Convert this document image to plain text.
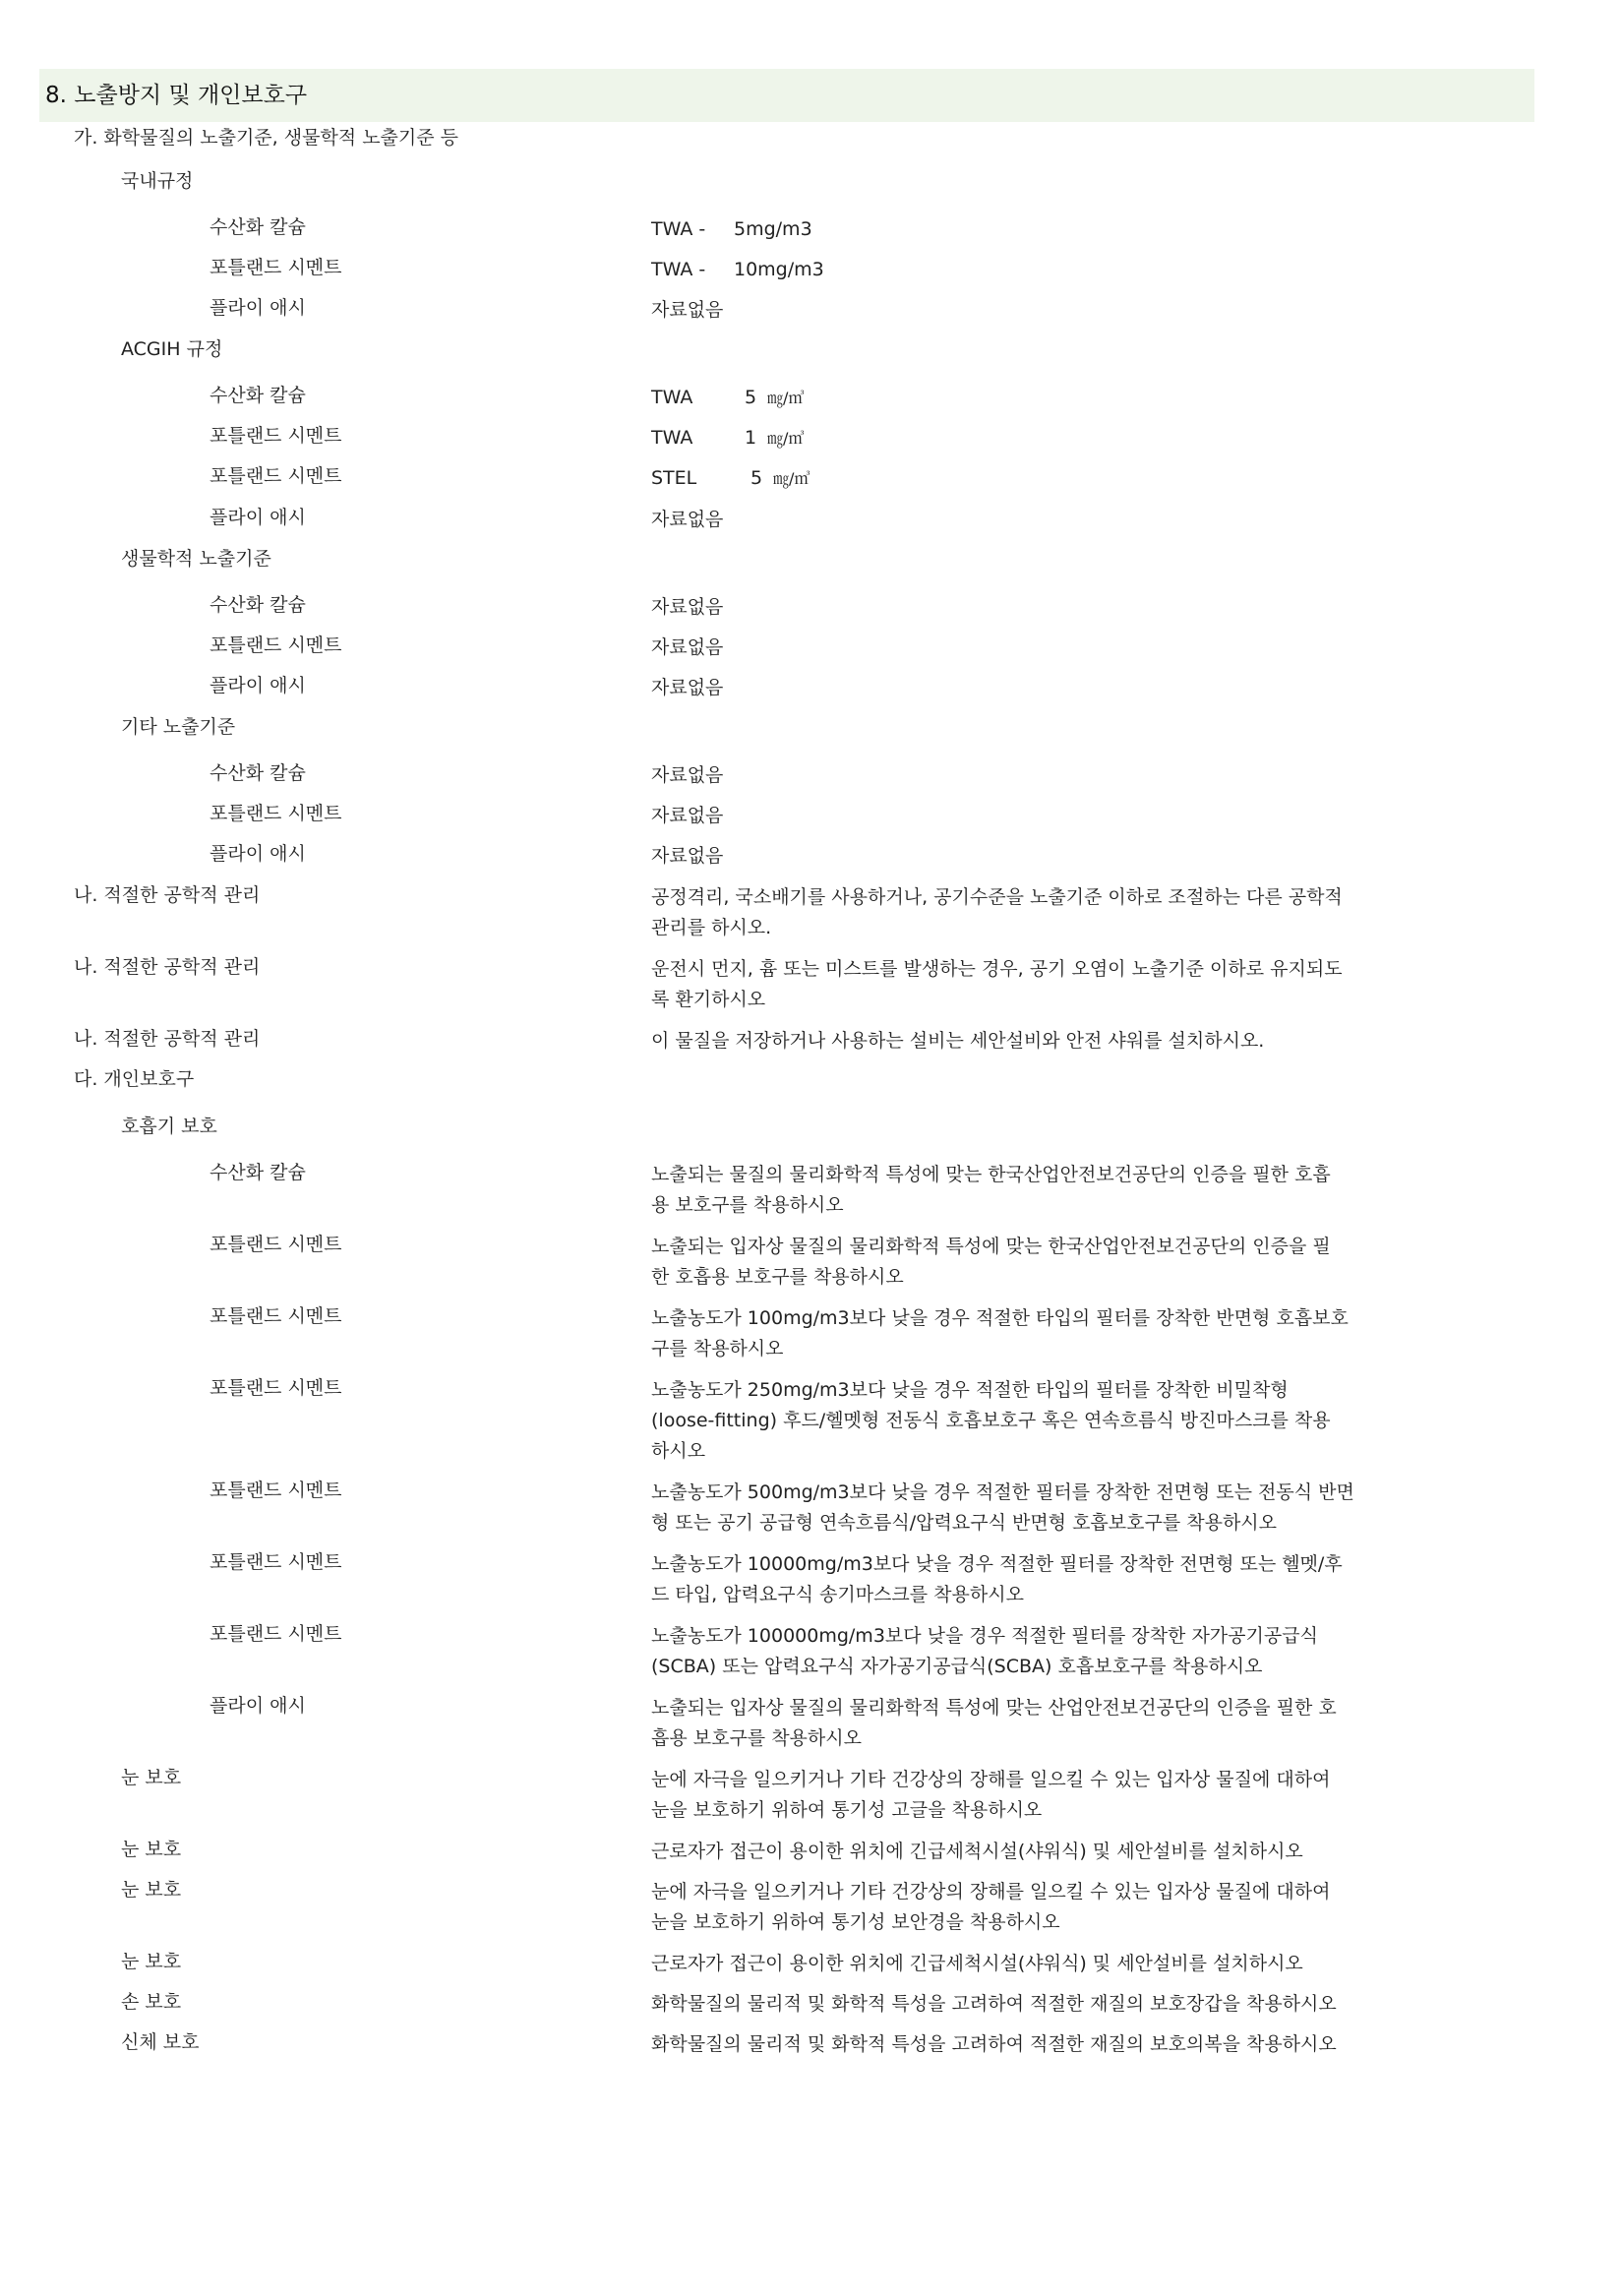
8. 노출방지 및 개인보호구
가. 화학물질의 노출기준, 생물학적 노출기준 등
국내규정
수산화 칼슘	TWA - 5mg/m3
포틀랜드 시멘트	TWA - 10mg/m3
플라이 애시	자료없음
ACGIH 규정
수산화 칼슘	TWA	5 ㎎/㎥
포틀랜드 시멘트	TWA	1 ㎎/㎥
포틀랜드 시멘트	STEL	5 ㎎/㎥
플라이 애시	자료없음
생물학적 노출기준
수산화 칼슘	자료없음
포틀랜드 시멘트	자료없음
플라이 애시	자료없음
기타 노출기준
수산화 칼슘	자료없음
포틀랜드 시멘트	자료없음
플라이 애시	자료없음
나. 적절한 공학적 관리	공정격리, 국소배기를 사용하거나, 공기수준을 노출기준 이하로 조절하는 다른 공학적
관리를 하시오.
나. 적절한 공학적 관리	운전시 먼지, 흄 또는 미스트를 발생하는 경우, 공기 오염이 노출기준 이하로 유지되도
록 환기하시오
나. 적절한 공학적 관리	이 물질을 저장하거나 사용하는 설비는 세안설비와 안전 샤워를 설치하시오.
다. 개인보호구
호흡기 보호
수산화 칼슘	노출되는 물질의 물리화학적 특성에 맞는 한국산업안전보건공단의 인증을 필한 호흡
용 보호구를 착용하시오
포틀랜드 시멘트	노출되는 입자상 물질의 물리화학적 특성에 맞는 한국산업안전보건공단의 인증을 필
한 호흡용 보호구를 착용하시오
포틀랜드 시멘트	노출농도가 100mg/m3보다 낮을 경우 적절한 타입의 필터를 장착한 반면형 호흡보호
구를 착용하시오
포틀랜드 시멘트	노출농도가 250mg/m3보다 낮을 경우 적절한 타입의 필터를 장착한 비밀착형
(loose-fitting) 후드/헬멧형 전동식 호흡보호구 혹은 연속흐름식 방진마스크를 착용
하시오
포틀랜드 시멘트	노출농도가 500mg/m3보다 낮을 경우 적절한 필터를 장착한 전면형 또는 전동식 반면
형 또는 공기 공급형 연속흐름식/압력요구식 반면형 호흡보호구를 착용하시오
포틀랜드 시멘트	노출농도가 10000mg/m3보다 낮을 경우 적절한 필터를 장착한 전면형 또는 헬멧/후
드 타입, 압력요구식 송기마스크를 착용하시오
포틀랜드 시멘트	노출농도가 100000mg/m3보다 낮을 경우 적절한 필터를 장착한 자가공기공급식
(SCBA) 또는 압력요구식 자가공기공급식(SCBA) 호흡보호구를 착용하시오
플라이 애시	노출되는 입자상 물질의 물리화학적 특성에 맞는 산업안전보건공단의 인증을 필한 호
흡용 보호구를 착용하시오
눈 보호	눈에 자극을 일으키거나 기타 건강상의 장해를 일으킬 수 있는 입자상 물질에 대하여
눈을 보호하기 위하여 통기성 고글을 착용하시오
눈 보호	근로자가 접근이 용이한 위치에 긴급세척시설(샤워식) 및 세안설비를 설치하시오
눈 보호	눈에 자극을 일으키거나 기타 건강상의 장해를 일으킬 수 있는 입자상 물질에 대하여
눈을 보호하기 위하여 통기성 보안경을 착용하시오
눈 보호	근로자가 접근이 용이한 위치에 긴급세척시설(샤워식) 및 세안설비를 설치하시오
손 보호	화학물질의 물리적 및 화학적 특성을 고려하여 적절한 재질의 보호장갑을 착용하시오
신체 보호	화학물질의 물리적 및 화학적 특성을 고려하여 적절한 재질의 보호의복을 착용하시오
